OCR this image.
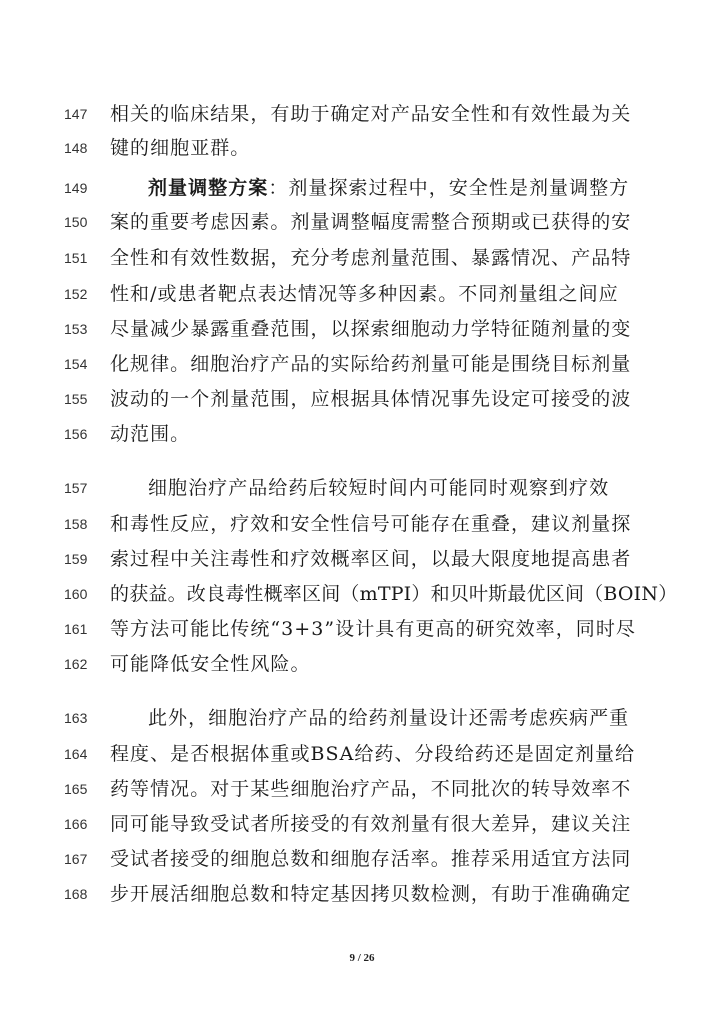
147	相关的临床结果，有助于确定对产品安全性和有效性最为关
148	键的细胞亚群。
149	剂量调整方案：剂量探索过程中，安全性是剂量调整方
150	案的重要考虑因素。剂量调整幅度需整合预期或已获得的安
151	全性和有效性数据，充分考虑剂量范围、暴露情况、产品特
152	性和/或患者靶点表达情况等多种因素。不同剂量组之间应
153	尽量减少暴露重叠范围，以探索细胞动力学特征随剂量的变
154	化规律。细胞治疗产品的实际给药剂量可能是围绕目标剂量
155	波动的一个剂量范围，应根据具体情况事先设定可接受的波
156	动范围。
157	细胞治疗产品给药后较短时间内可能同时观察到疗效
158	和毒性反应，疗效和安全性信号可能存在重叠，建议剂量探
159	索过程中关注毒性和疗效概率区间，以最大限度地提高患者
160	的获益。改良毒性概率区间（mTPI）和贝叶斯最优区间（BOIN）
161	等方法可能比传统“3+3”设计具有更高的研究效率，同时尽
162	可能降低安全性风险。
163	此外，细胞治疗产品的给药剂量设计还需考虑疾病严重
164	程度、是否根据体重或BSA给药、分段给药还是固定剂量给
165	药等情况。对于某些细胞治疗产品，不同批次的转导效率不
166	同可能导致受试者所接受的有效剂量有很大差异，建议关注
167	受试者接受的细胞总数和细胞存活率。推荐采用适宜方法同
168	步开展活细胞总数和特定基因拷贝数检测，有助于准确确定
9 / 26
